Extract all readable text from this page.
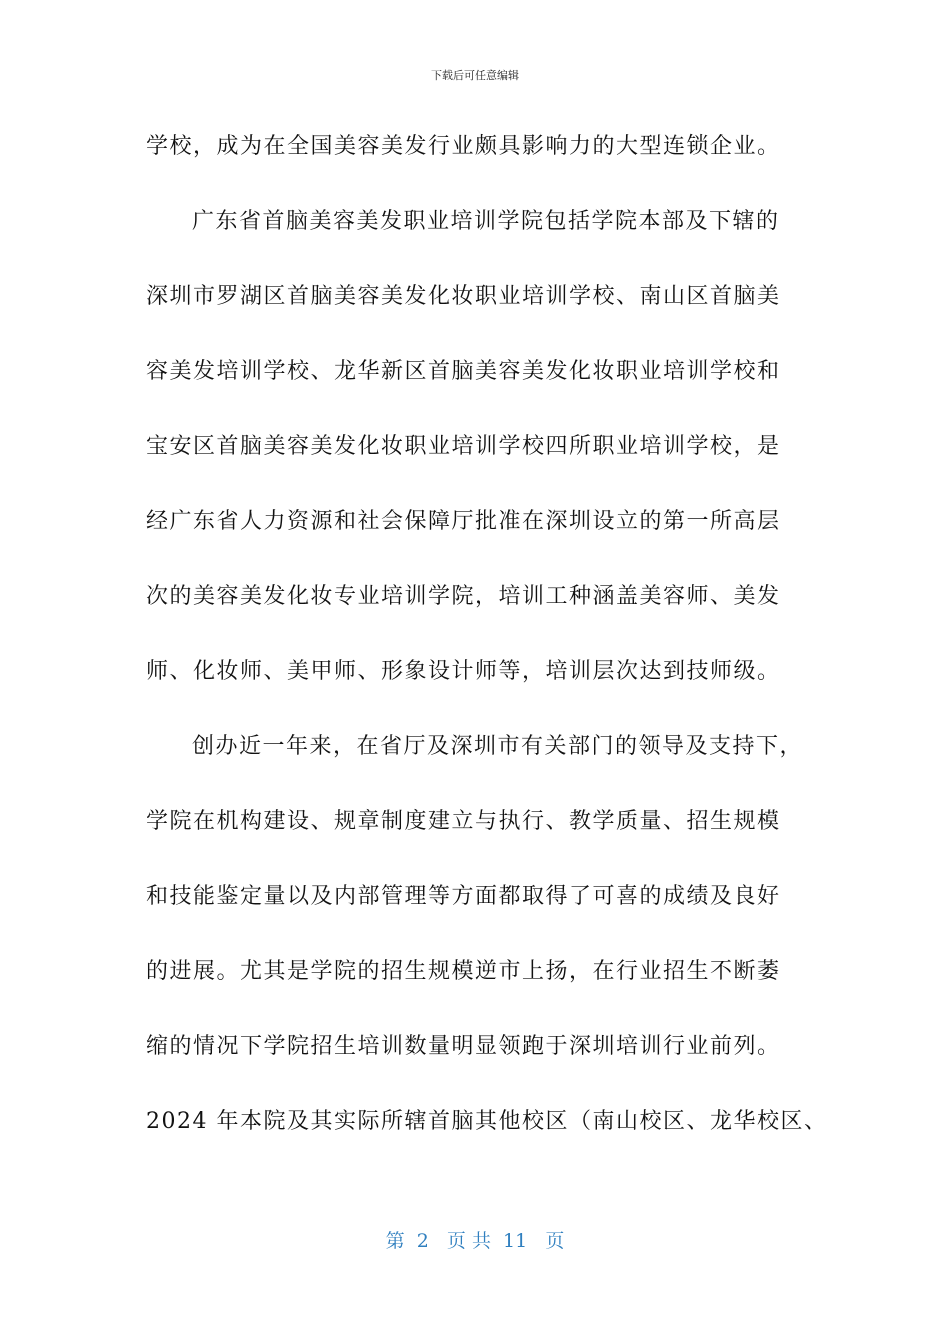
下载后可任意编辑
学校，成为在全国美容美发行业颇具影响力的大型连锁企业。
广东省首脑美容美发职业培训学院包括学院本部及下辖的
深圳市罗湖区首脑美容美发化妆职业培训学校、南山区首脑美
容美发培训学校、龙华新区首脑美容美发化妆职业培训学校和
宝安区首脑美容美发化妆职业培训学校四所职业培训学校，是
经广东省人力资源和社会保障厅批准在深圳设立的第一所高层
次的美容美发化妆专业培训学院，培训工种涵盖美容师、美发
师、化妆师、美甲师、形象设计师等，培训层次达到技师级。
创办近一年来，在省厅及深圳市有关部门的领导及支持下，
学院在机构建设、规章制度建立与执行、教学质量、招生规模
和技能鉴定量以及内部管理等方面都取得了可喜的成绩及良好
的进展。尤其是学院的招生规模逆市上扬，在行业招生不断萎
缩的情况下学院招生培训数量明显领跑于深圳培训行业前列。
2024 年本院及其实际所辖首脑其他校区（南山校区、龙华校区、
第  2   页 共  11   页
